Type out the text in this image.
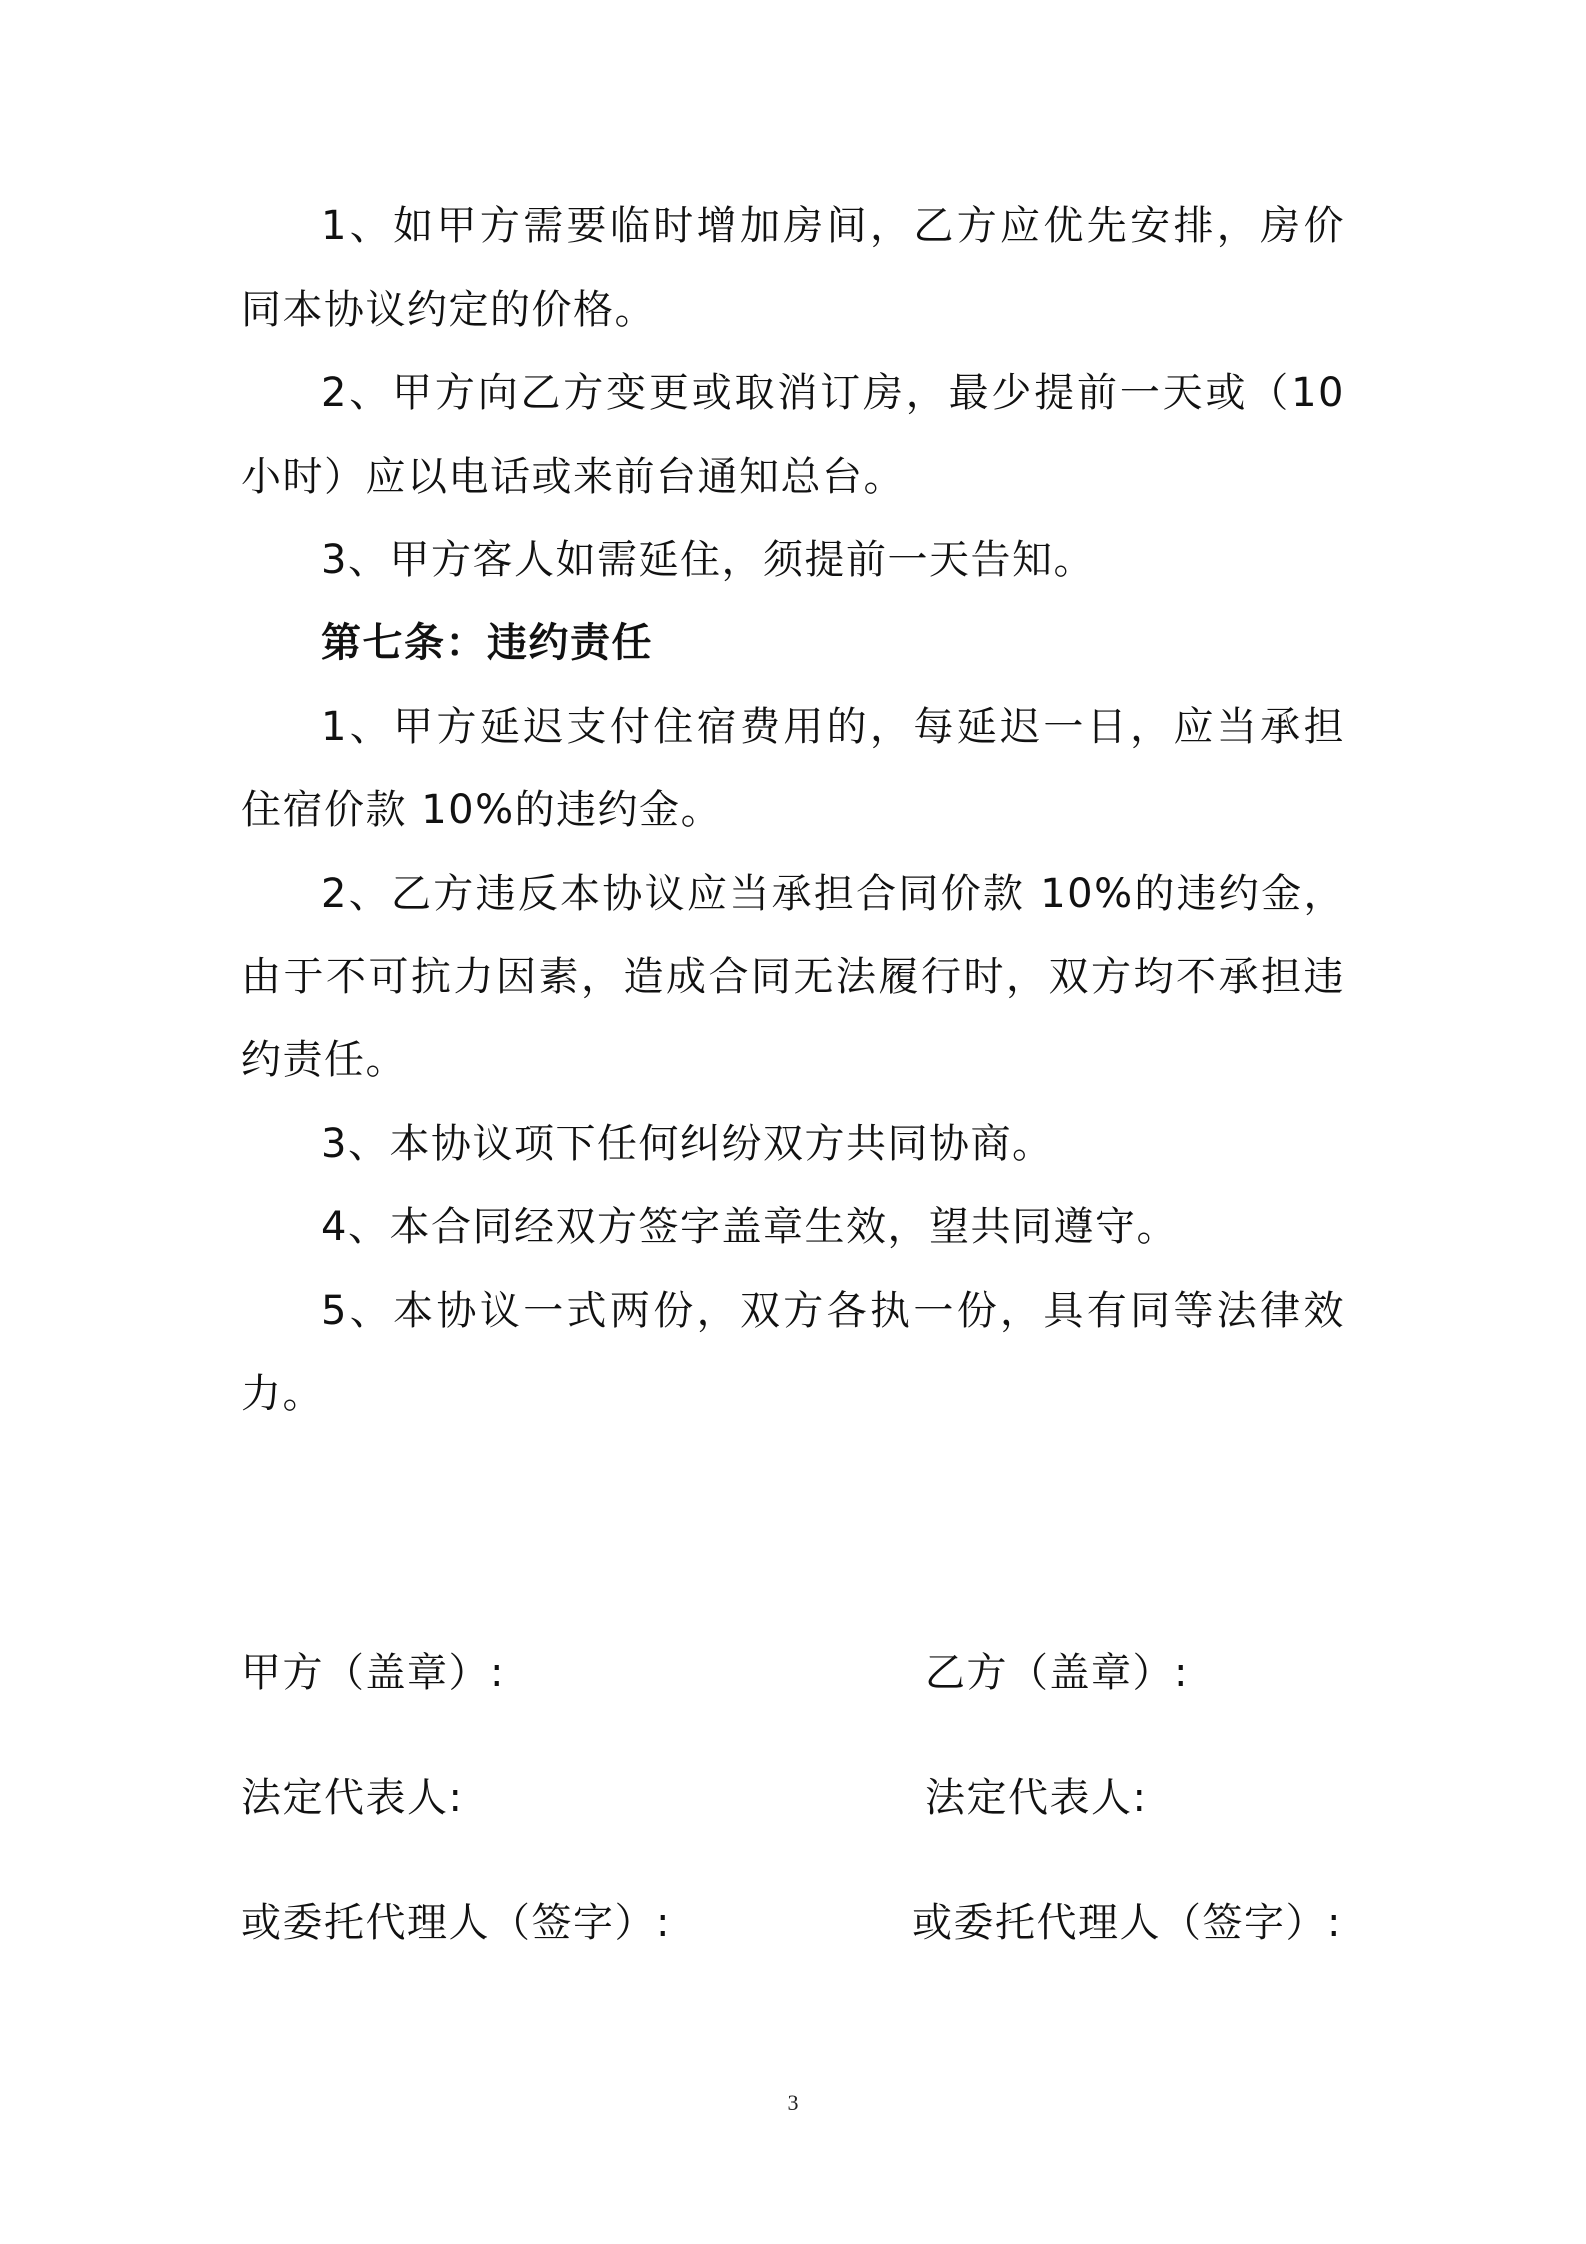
1、如甲方需要临时增加房间，乙方应优先安排，房价
同本协议约定的价格。
2、甲方向乙方变更或取消订房，最少提前一天或（10
小时）应以电话或来前台通知总台。
3、甲方客人如需延住，须提前一天告知。
第七条：违约责任
1、甲方延迟支付住宿费用的，每延迟一日，应当承担
住宿价款 10%的违约金。
2、乙方违反本协议应当承担合同价款 10%的违约金，
由于不可抗力因素，造成合同无法履行时，双方均不承担违
约责任。
3、本协议项下任何纠纷双方共同协商。
4、本合同经双方签字盖章生效，望共同遵守。
5、本协议一式两份，双方各执一份，具有同等法律效
力。
甲方（盖章）:	乙方（盖章）:
法定代表人:	法定代表人:
或委托代理人（签字）:	或委托代理人（签字）:
3
